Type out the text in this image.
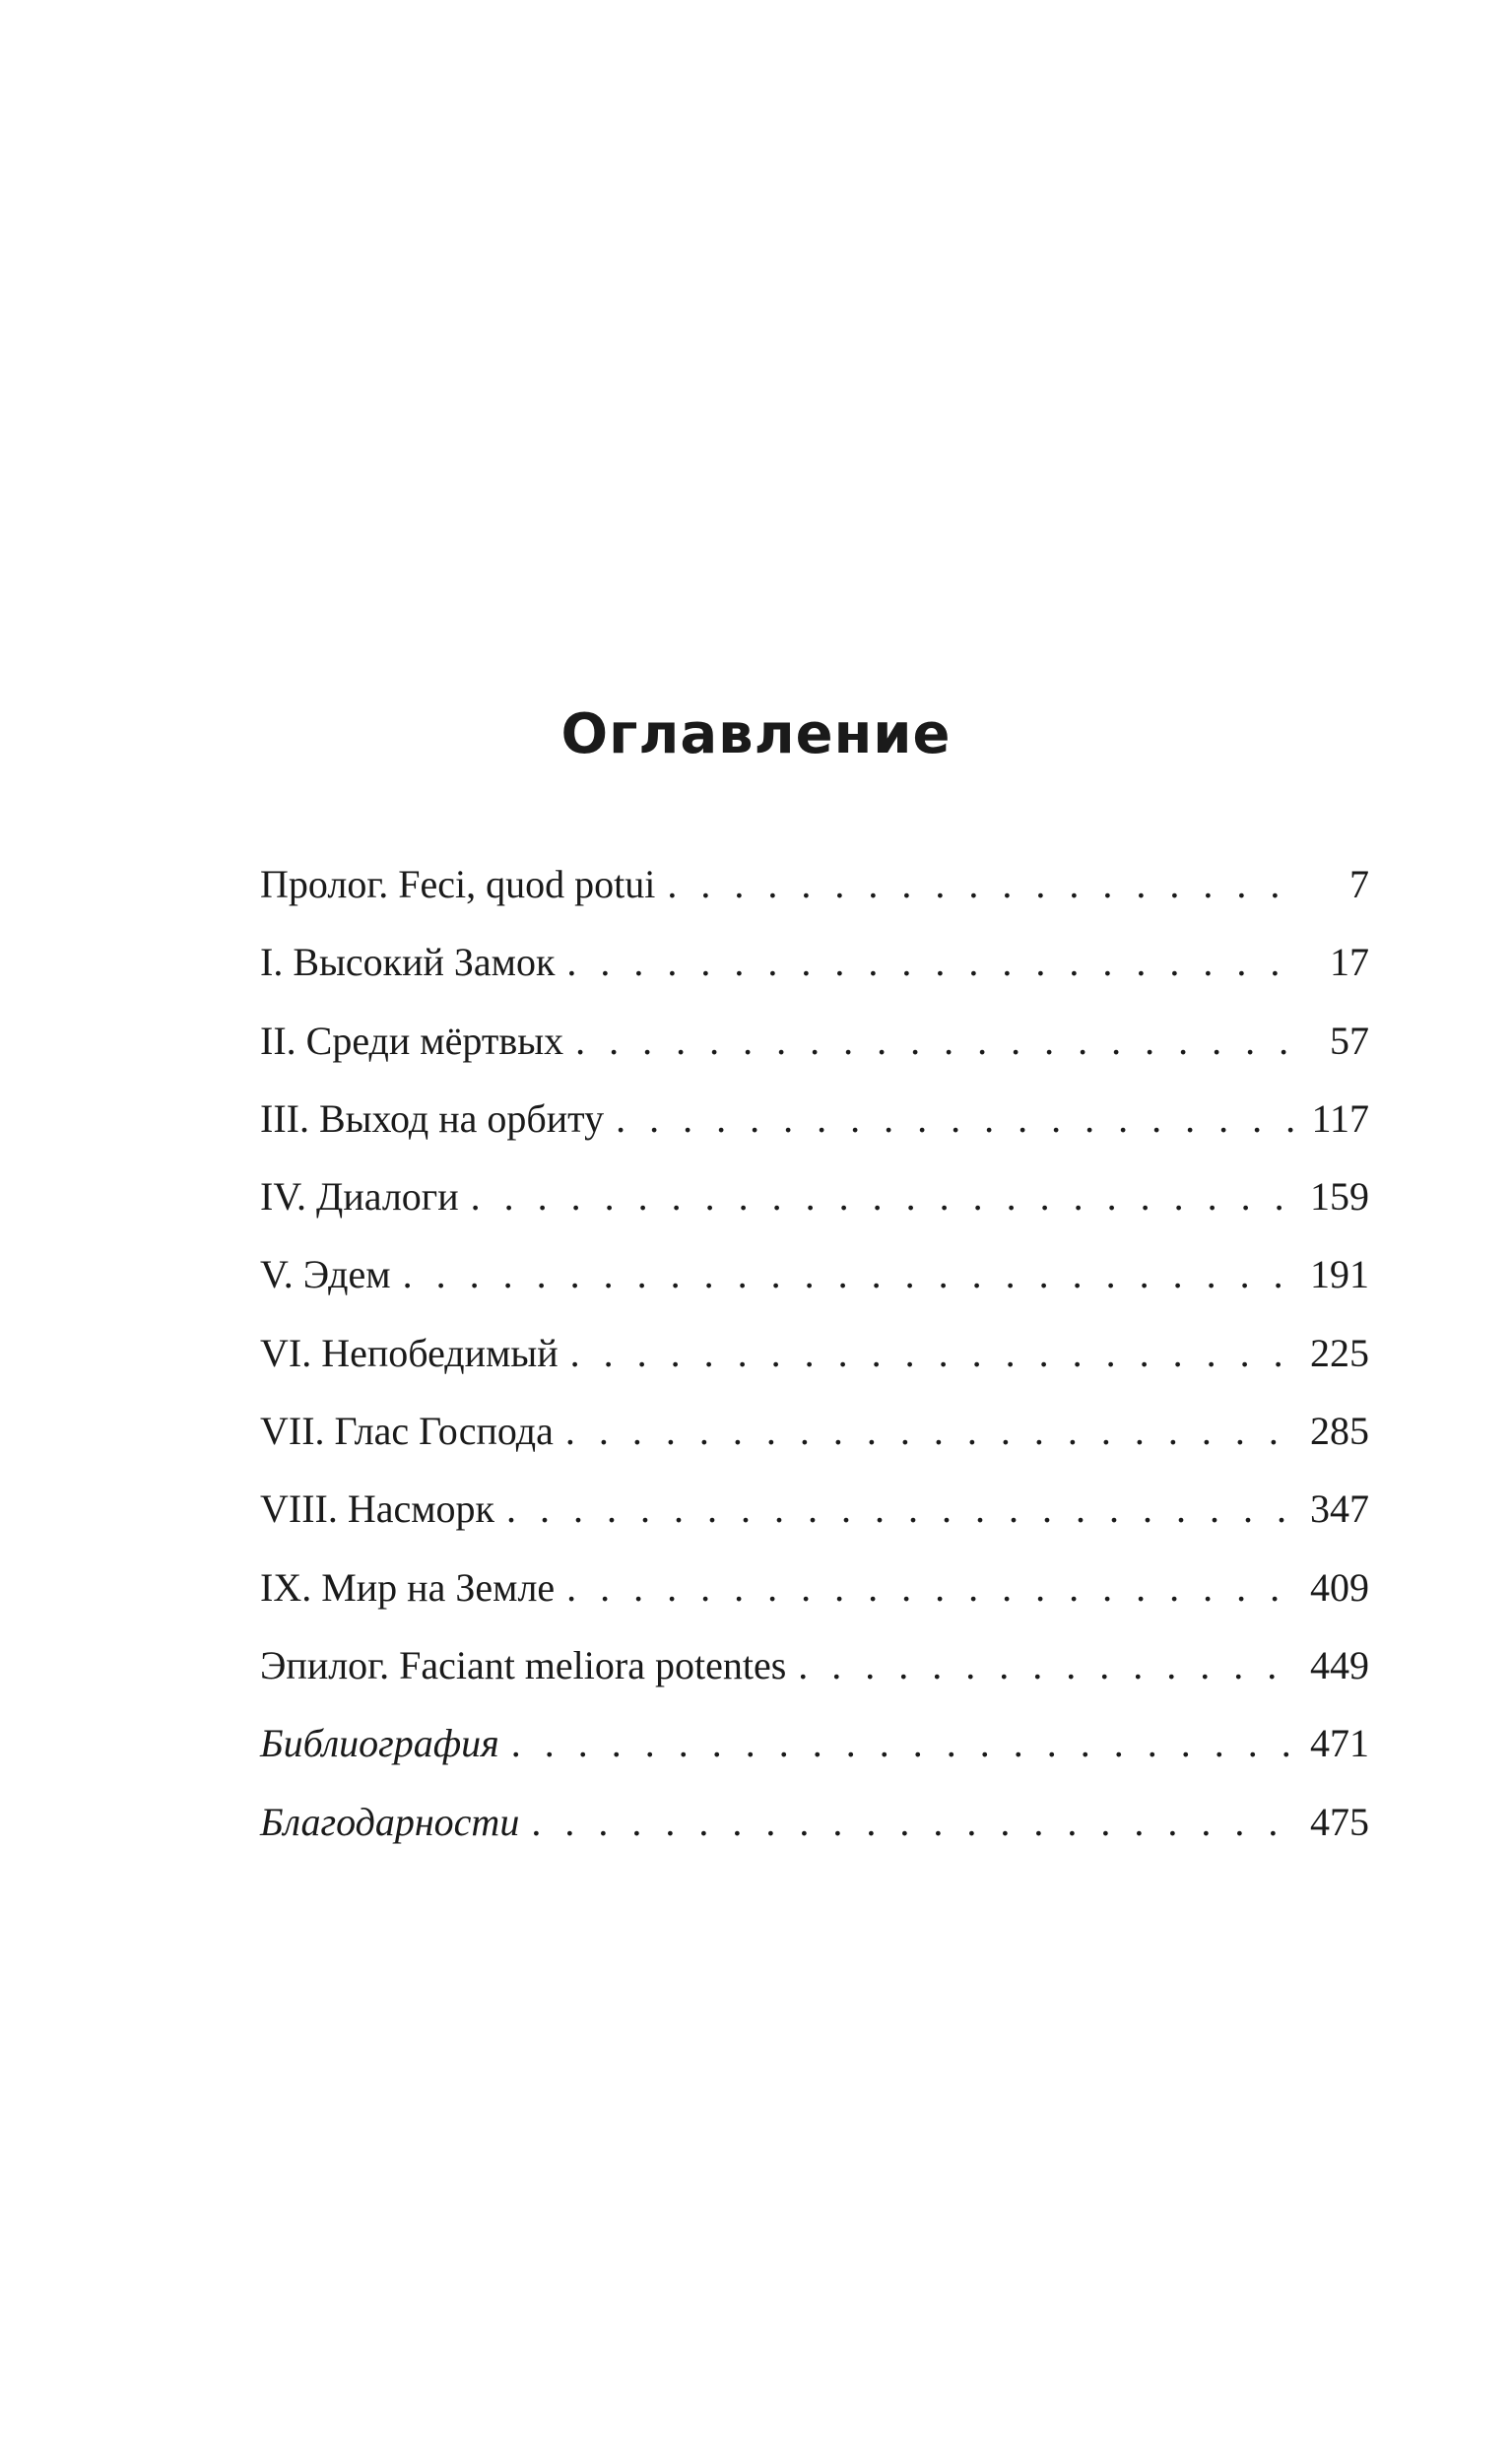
Оглавление
Пролог. Feci, quod potui . . .	7
I. Высокий Замок . . .	17
II. Среди мёртвых . . .	57
III. Выход на орбиту . . .	117
IV. Диалоги . . .	159
V. Эдем . . .	191
VI. Непобедимый . . .	225
VII. Глас Господа . . .	285
VIII. Насморк . . .	347
IX. Мир на Земле . . .	409
Эпилог. Faciant meliora potentes . . .	449
Библиография . . .	471
Благодарности . . .	475
